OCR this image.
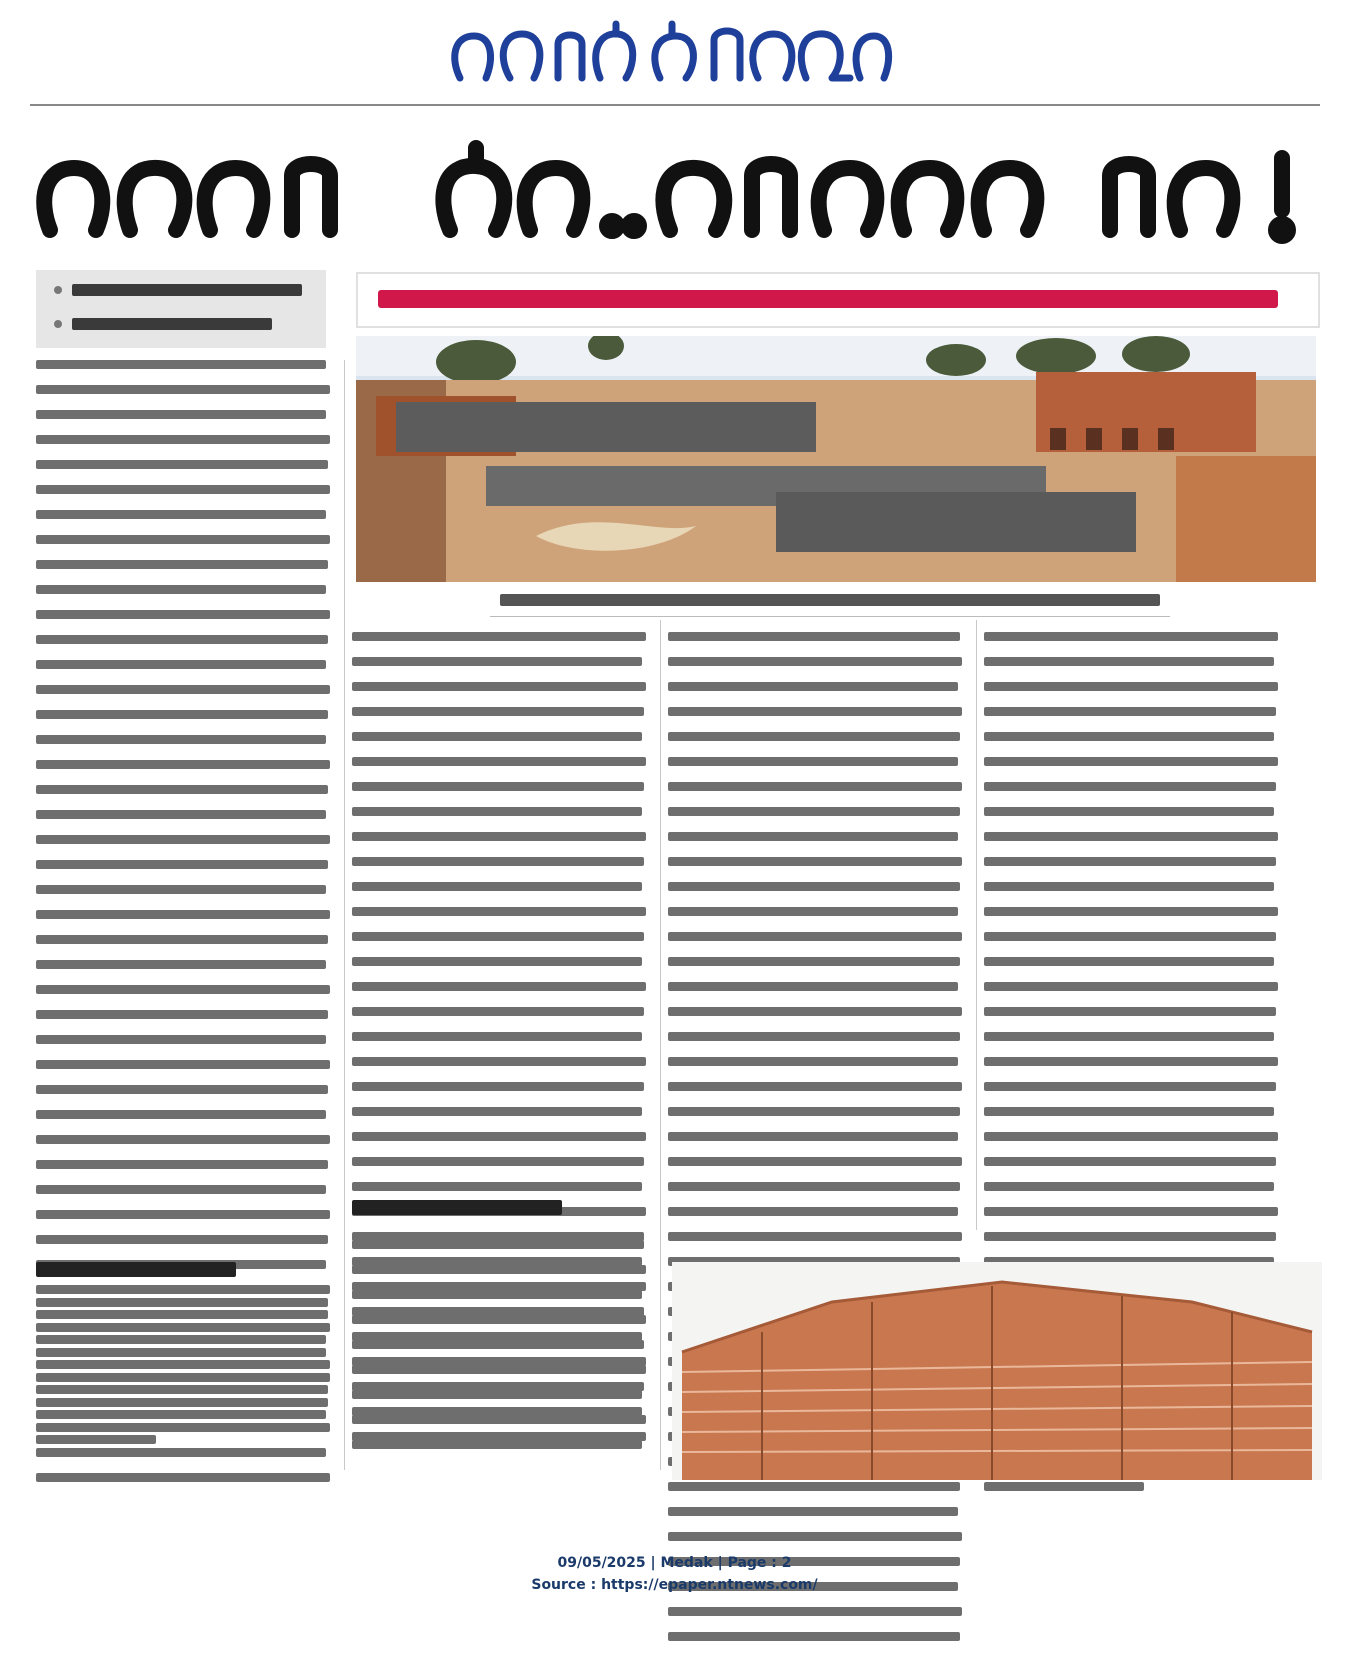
09/05/2025 | Medak | Page : 2
Source : https://epaper.ntnews.com/
